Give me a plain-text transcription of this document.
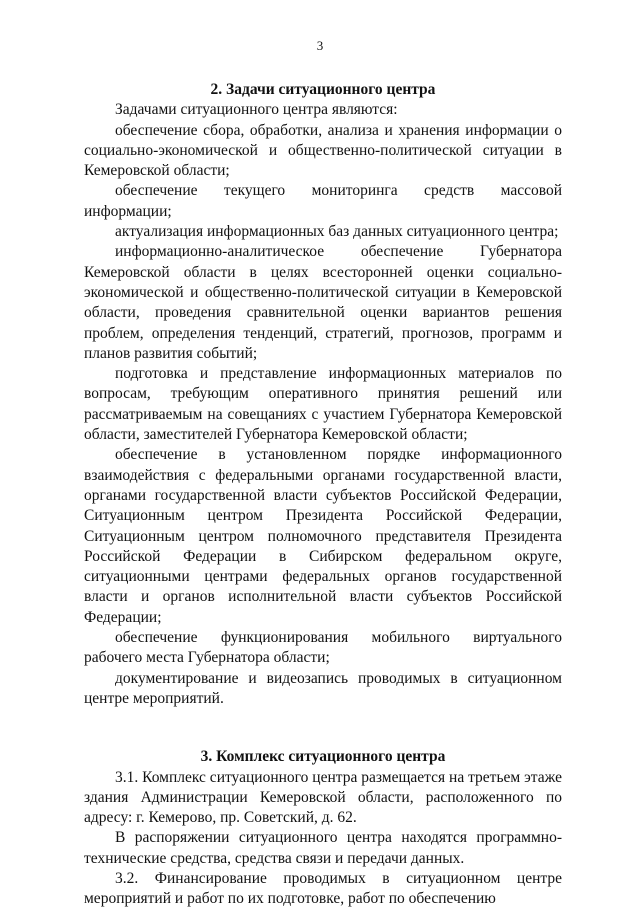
3

2. Задачи ситуационного центра

Задачами ситуационного центра являются:

обеспечение сбора, обработки, анализа и хранения информации о социально-экономической и общественно-политической ситуации в Кемеровской области;

обеспечение текущего мониторинга средств массовой информации;

актуализация информационных баз данных ситуационного центра;

информационно-аналитическое обеспечение Губернатора Кемеровской области в целях всесторонней оценки социально-экономической и общественно-политической ситуации в Кемеровской области, проведения сравнительной оценки вариантов решения проблем, определения тенденций, стратегий, прогнозов, программ и планов развития событий;

подготовка и представление информационных материалов по вопросам, требующим оперативного принятия решений или рассматриваемым на совещаниях с участием Губернатора Кемеровской области, заместителей Губернатора Кемеровской области;

обеспечение в установленном порядке информационного взаимодействия с федеральными органами государственной власти, органами государственной власти субъектов Российской Федерации, Ситуационным центром Президента Российской Федерации, Ситуационным центром полномочного представителя Президента Российской Федерации в Сибирском федеральном округе, ситуационными центрами федеральных органов государственной власти и органов исполнительной власти субъектов Российской Федерации;

обеспечение функционирования мобильного виртуального рабочего места Губернатора области;

документирование и видеозапись проводимых в ситуационном центре мероприятий.

3. Комплекс ситуационного центра

3.1. Комплекс ситуационного центра размещается на третьем этаже здания Администрации Кемеровской области, расположенного по адресу: г. Кемерово, пр. Советский, д. 62.

В распоряжении ситуационного центра находятся программно-технические средства, средства связи и передачи данных.

3.2. Финансирование проводимых в ситуационном центре мероприятий и работ по их подготовке, работ по обеспечению
